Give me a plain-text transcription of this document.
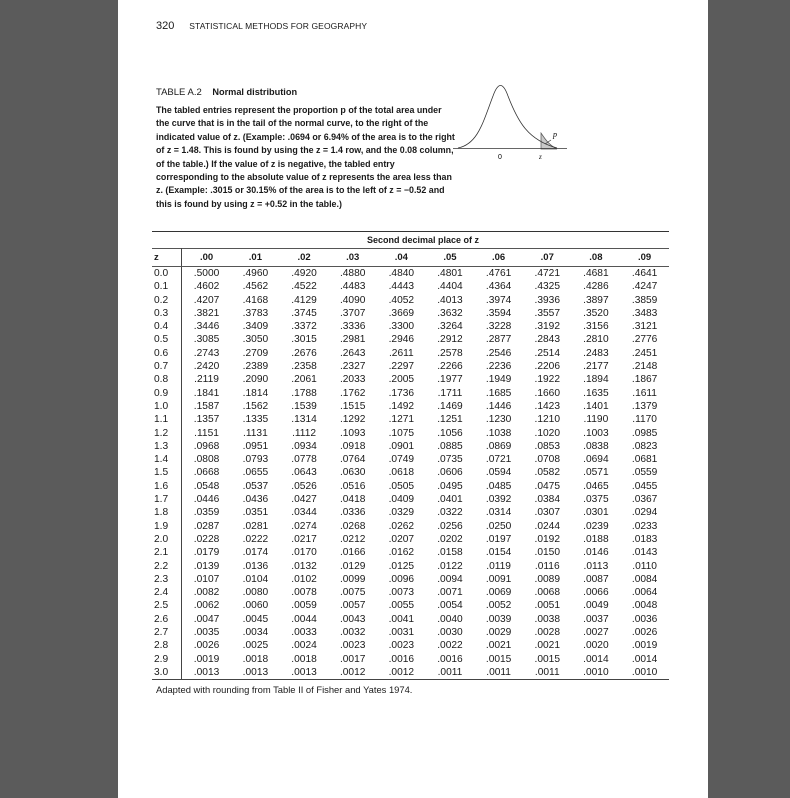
320 STATISTICAL METHODS FOR GEOGRAPHY
TABLE A.2 Normal distribution
The tabled entries represent the proportion p of the total area under the curve that is in the tail of the normal curve, to the right of the indicated value of z. (Example: .0694 or 6.94% of the area is to the right of z = 1.48. This is found by using the z = 1.4 row, and the 0.08 column, of the table.) If the value of z is negative, the tabled entry corresponding to the absolute value of z represents the area less than z. (Example: .3015 or 30.15% of the area is to the left of z = −0.52 and this is found by using z = +0.52 in the table.)
p
0	z
Second decimal place of z
z	.00	.01	.02	.03	.04	.05	.06	.07	.08	.09
0.0	.5000	.4960	.4920	.4880	.4840	.4801	.4761	.4721	.4681	.4641
0.1	.4602	.4562	.4522	.4483	.4443	.4404	.4364	.4325	.4286	.4247
0.2	.4207	.4168	.4129	.4090	.4052	.4013	.3974	.3936	.3897	.3859
0.3	.3821	.3783	.3745	.3707	.3669	.3632	.3594	.3557	.3520	.3483
0.4	.3446	.3409	.3372	.3336	.3300	.3264	.3228	.3192	.3156	.3121
0.5	.3085	.3050	.3015	.2981	.2946	.2912	.2877	.2843	.2810	.2776
0.6	.2743	.2709	.2676	.2643	.2611	.2578	.2546	.2514	.2483	.2451
0.7	.2420	.2389	.2358	.2327	.2297	.2266	.2236	.2206	.2177	.2148
0.8	.2119	.2090	.2061	.2033	.2005	.1977	.1949	.1922	.1894	.1867
0.9	.1841	.1814	.1788	.1762	.1736	.1711	.1685	.1660	.1635	.1611
1.0	.1587	.1562	.1539	.1515	.1492	.1469	.1446	.1423	.1401	.1379
1.1	.1357	.1335	.1314	.1292	.1271	.1251	.1230	.1210	.1190	.1170
1.2	.1151	.1131	.1112	.1093	.1075	.1056	.1038	.1020	.1003	.0985
1.3	.0968	.0951	.0934	.0918	.0901	.0885	.0869	.0853	.0838	.0823
1.4	.0808	.0793	.0778	.0764	.0749	.0735	.0721	.0708	.0694	.0681
1.5	.0668	.0655	.0643	.0630	.0618	.0606	.0594	.0582	.0571	.0559
1.6	.0548	.0537	.0526	.0516	.0505	.0495	.0485	.0475	.0465	.0455
1.7	.0446	.0436	.0427	.0418	.0409	.0401	.0392	.0384	.0375	.0367
1.8	.0359	.0351	.0344	.0336	.0329	.0322	.0314	.0307	.0301	.0294
1.9	.0287	.0281	.0274	.0268	.0262	.0256	.0250	.0244	.0239	.0233
2.0	.0228	.0222	.0217	.0212	.0207	.0202	.0197	.0192	.0188	.0183
2.1	.0179	.0174	.0170	.0166	.0162	.0158	.0154	.0150	.0146	.0143
2.2	.0139	.0136	.0132	.0129	.0125	.0122	.0119	.0116	.0113	.0110
2.3	.0107	.0104	.0102	.0099	.0096	.0094	.0091	.0089	.0087	.0084
2.4	.0082	.0080	.0078	.0075	.0073	.0071	.0069	.0068	.0066	.0064
2.5	.0062	.0060	.0059	.0057	.0055	.0054	.0052	.0051	.0049	.0048
2.6	.0047	.0045	.0044	.0043	.0041	.0040	.0039	.0038	.0037	.0036
2.7	.0035	.0034	.0033	.0032	.0031	.0030	.0029	.0028	.0027	.0026
2.8	.0026	.0025	.0024	.0023	.0023	.0022	.0021	.0021	.0020	.0019
2.9	.0019	.0018	.0018	.0017	.0016	.0016	.0015	.0015	.0014	.0014
3.0	.0013	.0013	.0013	.0012	.0012	.0011	.0011	.0011	.0010	.0010
Adapted with rounding from Table II of Fisher and Yates 1974.
